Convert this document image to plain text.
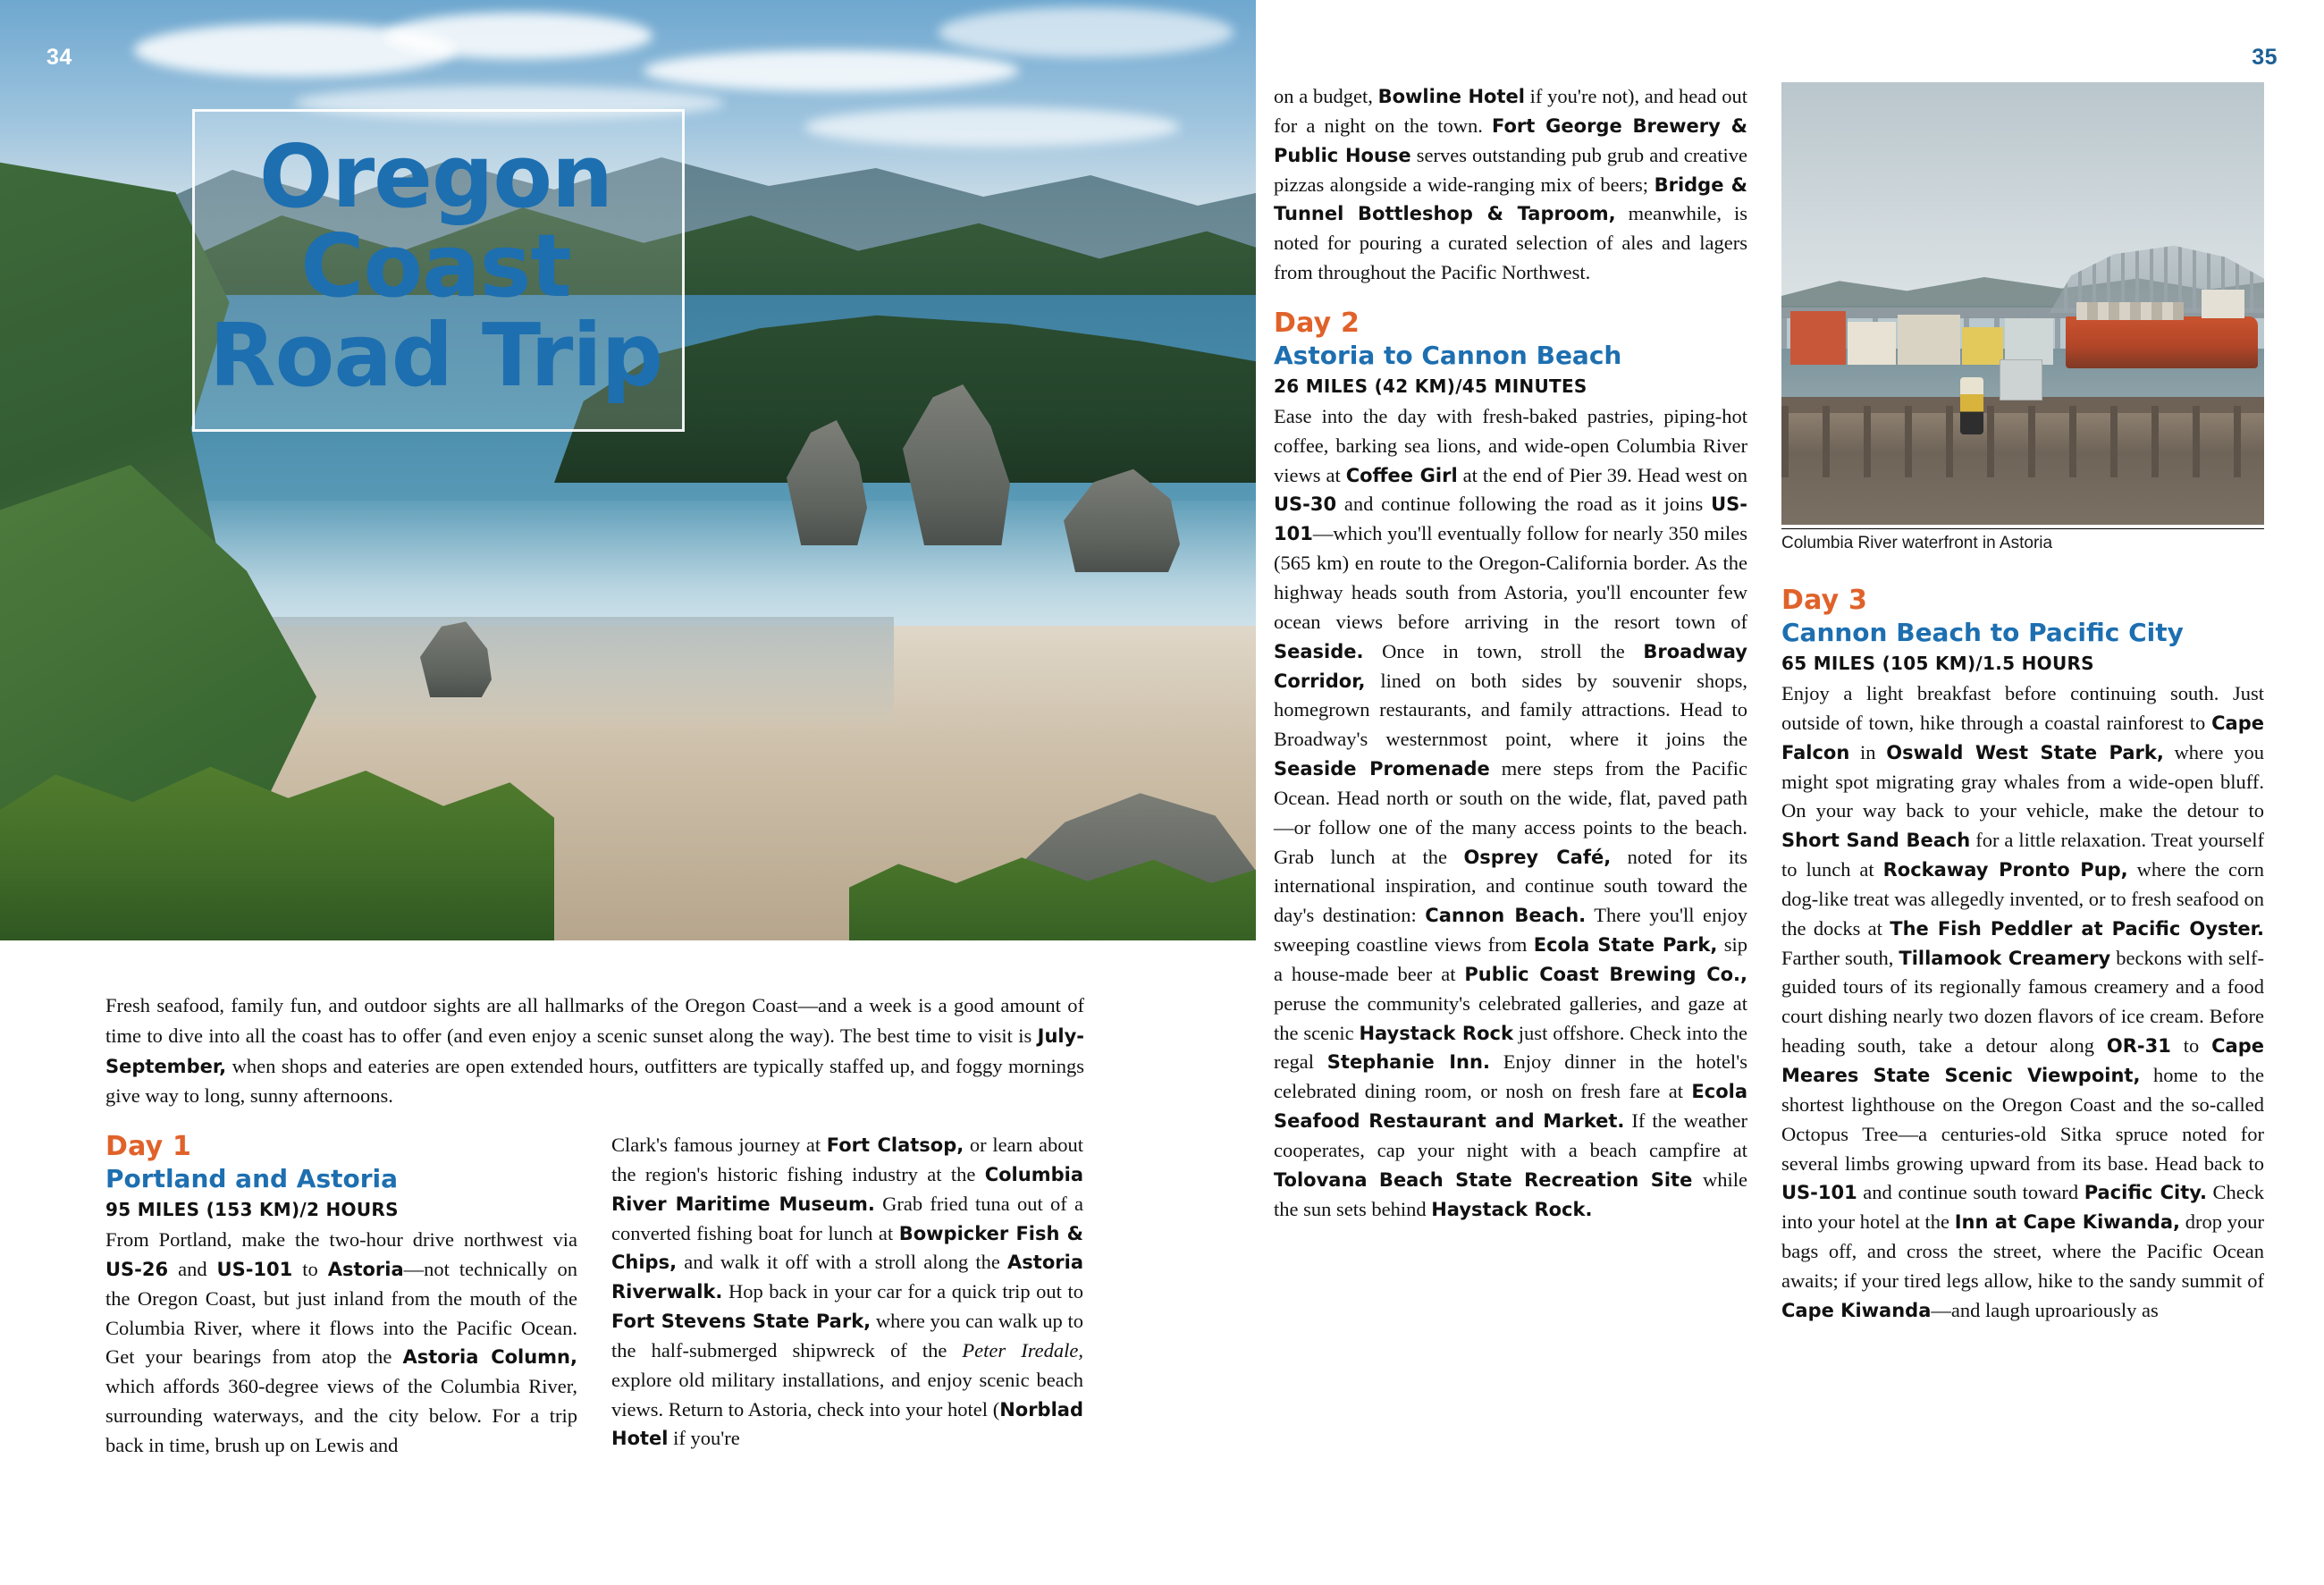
Oregon
Coast
Road Trip
34
Fresh seafood, family fun, and outdoor sights are all hallmarks of the Oregon Coast—and a week is a good amount of time to dive into all the coast has to offer (and even enjoy a scenic sunset along the way). The best time to visit is July-September, when shops and eateries are open extended hours, outfitters are typically staffed up, and foggy mornings give way to long, sunny afternoons.
Day 1
Portland and Astoria
95 MILES (153 KM)/2 HOURS

From Portland, make the two-hour drive northwest via US-26 and US-101 to Astoria—not technically on the Oregon Coast, but just inland from the mouth of the Columbia River, where it flows into the Pacific Ocean. Get your bearings from atop the Astoria Column, which affords 360-degree views of the Columbia River, surrounding waterways, and the city below. For a trip back in time, brush up on Lewis and

Clark's famous journey at Fort Clatsop, or learn about the region's historic fishing industry at the Columbia River Maritime Museum. Grab fried tuna out of a converted fishing boat for lunch at Bowpicker Fish & Chips, and walk it off with a stroll along the Astoria Riverwalk. Hop back in your car for a quick trip out to Fort Stevens State Park, where you can walk up to the half-submerged shipwreck of the Peter Iredale, explore old military installations, and enjoy scenic beach views. Return to Astoria, check into your hotel (Norblad Hotel if you're

35

on a budget, Bowline Hotel if you're not), and head out for a night on the town. Fort George Brewery & Public House serves outstanding pub grub and creative pizzas alongside a wide-ranging mix of beers; Bridge & Tunnel Bottleshop & Taproom, meanwhile, is noted for pouring a curated selection of ales and lagers from throughout the Pacific Northwest.

Day 2
Astoria to Cannon Beach
26 MILES (42 KM)/45 MINUTES

Ease into the day with fresh-baked pastries, piping-hot coffee, barking sea lions, and wide-open Columbia River views at Coffee Girl at the end of Pier 39. Head west on US-30 and continue following the road as it joins US-101—which you'll eventually follow for nearly 350 miles (565 km) en route to the Oregon-California border. As the highway heads south from Astoria, you'll encounter few ocean views before arriving in the resort town of Seaside. Once in town, stroll the Broadway Corridor, lined on both sides by souvenir shops, homegrown restaurants, and family attractions. Head to Broadway's westernmost point, where it joins the Seaside Promenade mere steps from the Pacific Ocean. Head north or south on the wide, flat, paved path—or follow one of the many access points to the beach. Grab lunch at the Osprey Café, noted for its international inspiration, and continue south toward the day's destination: Cannon Beach. There you'll enjoy sweeping coastline views from Ecola State Park, sip a house-made beer at Public Coast Brewing Co., peruse the community's celebrated galleries, and gaze at the scenic Haystack Rock just offshore. Check into the regal Stephanie Inn. Enjoy dinner in the hotel's celebrated dining room, or nosh on fresh fare at Ecola Seafood Restaurant and Market. If the weather cooperates, cap your night with a beach campfire at Tolovana Beach State Recreation Site while the sun sets behind Haystack Rock.

Columbia River waterfront in Astoria
Day 3
Cannon Beach to Pacific City
65 MILES (105 KM)/1.5 HOURS

Enjoy a light breakfast before continuing south. Just outside of town, hike through a coastal rainforest to Cape Falcon in Oswald West State Park, where you might spot migrating gray whales from a wide-open bluff. On your way back to your vehicle, make the detour to Short Sand Beach for a little relaxation. Treat yourself to lunch at Rockaway Pronto Pup, where the corn dog-like treat was allegedly invented, or to fresh seafood on the docks at The Fish Peddler at Pacific Oyster. Farther south, Tillamook Creamery beckons with self-guided tours of its regionally famous creamery and a food court dishing nearly two dozen flavors of ice cream. Before heading south, take a detour along OR-31 to Cape Meares State Scenic Viewpoint, home to the shortest lighthouse on the Oregon Coast and the so-called Octopus Tree—a centuries-old Sitka spruce noted for several limbs growing upward from its base. Head back to US-101 and continue south toward Pacific City. Check into your hotel at the Inn at Cape Kiwanda, drop your bags off, and cross the street, where the Pacific Ocean awaits; if your tired legs allow, hike to the sandy summit of Cape Kiwanda—and laugh uproariously as
